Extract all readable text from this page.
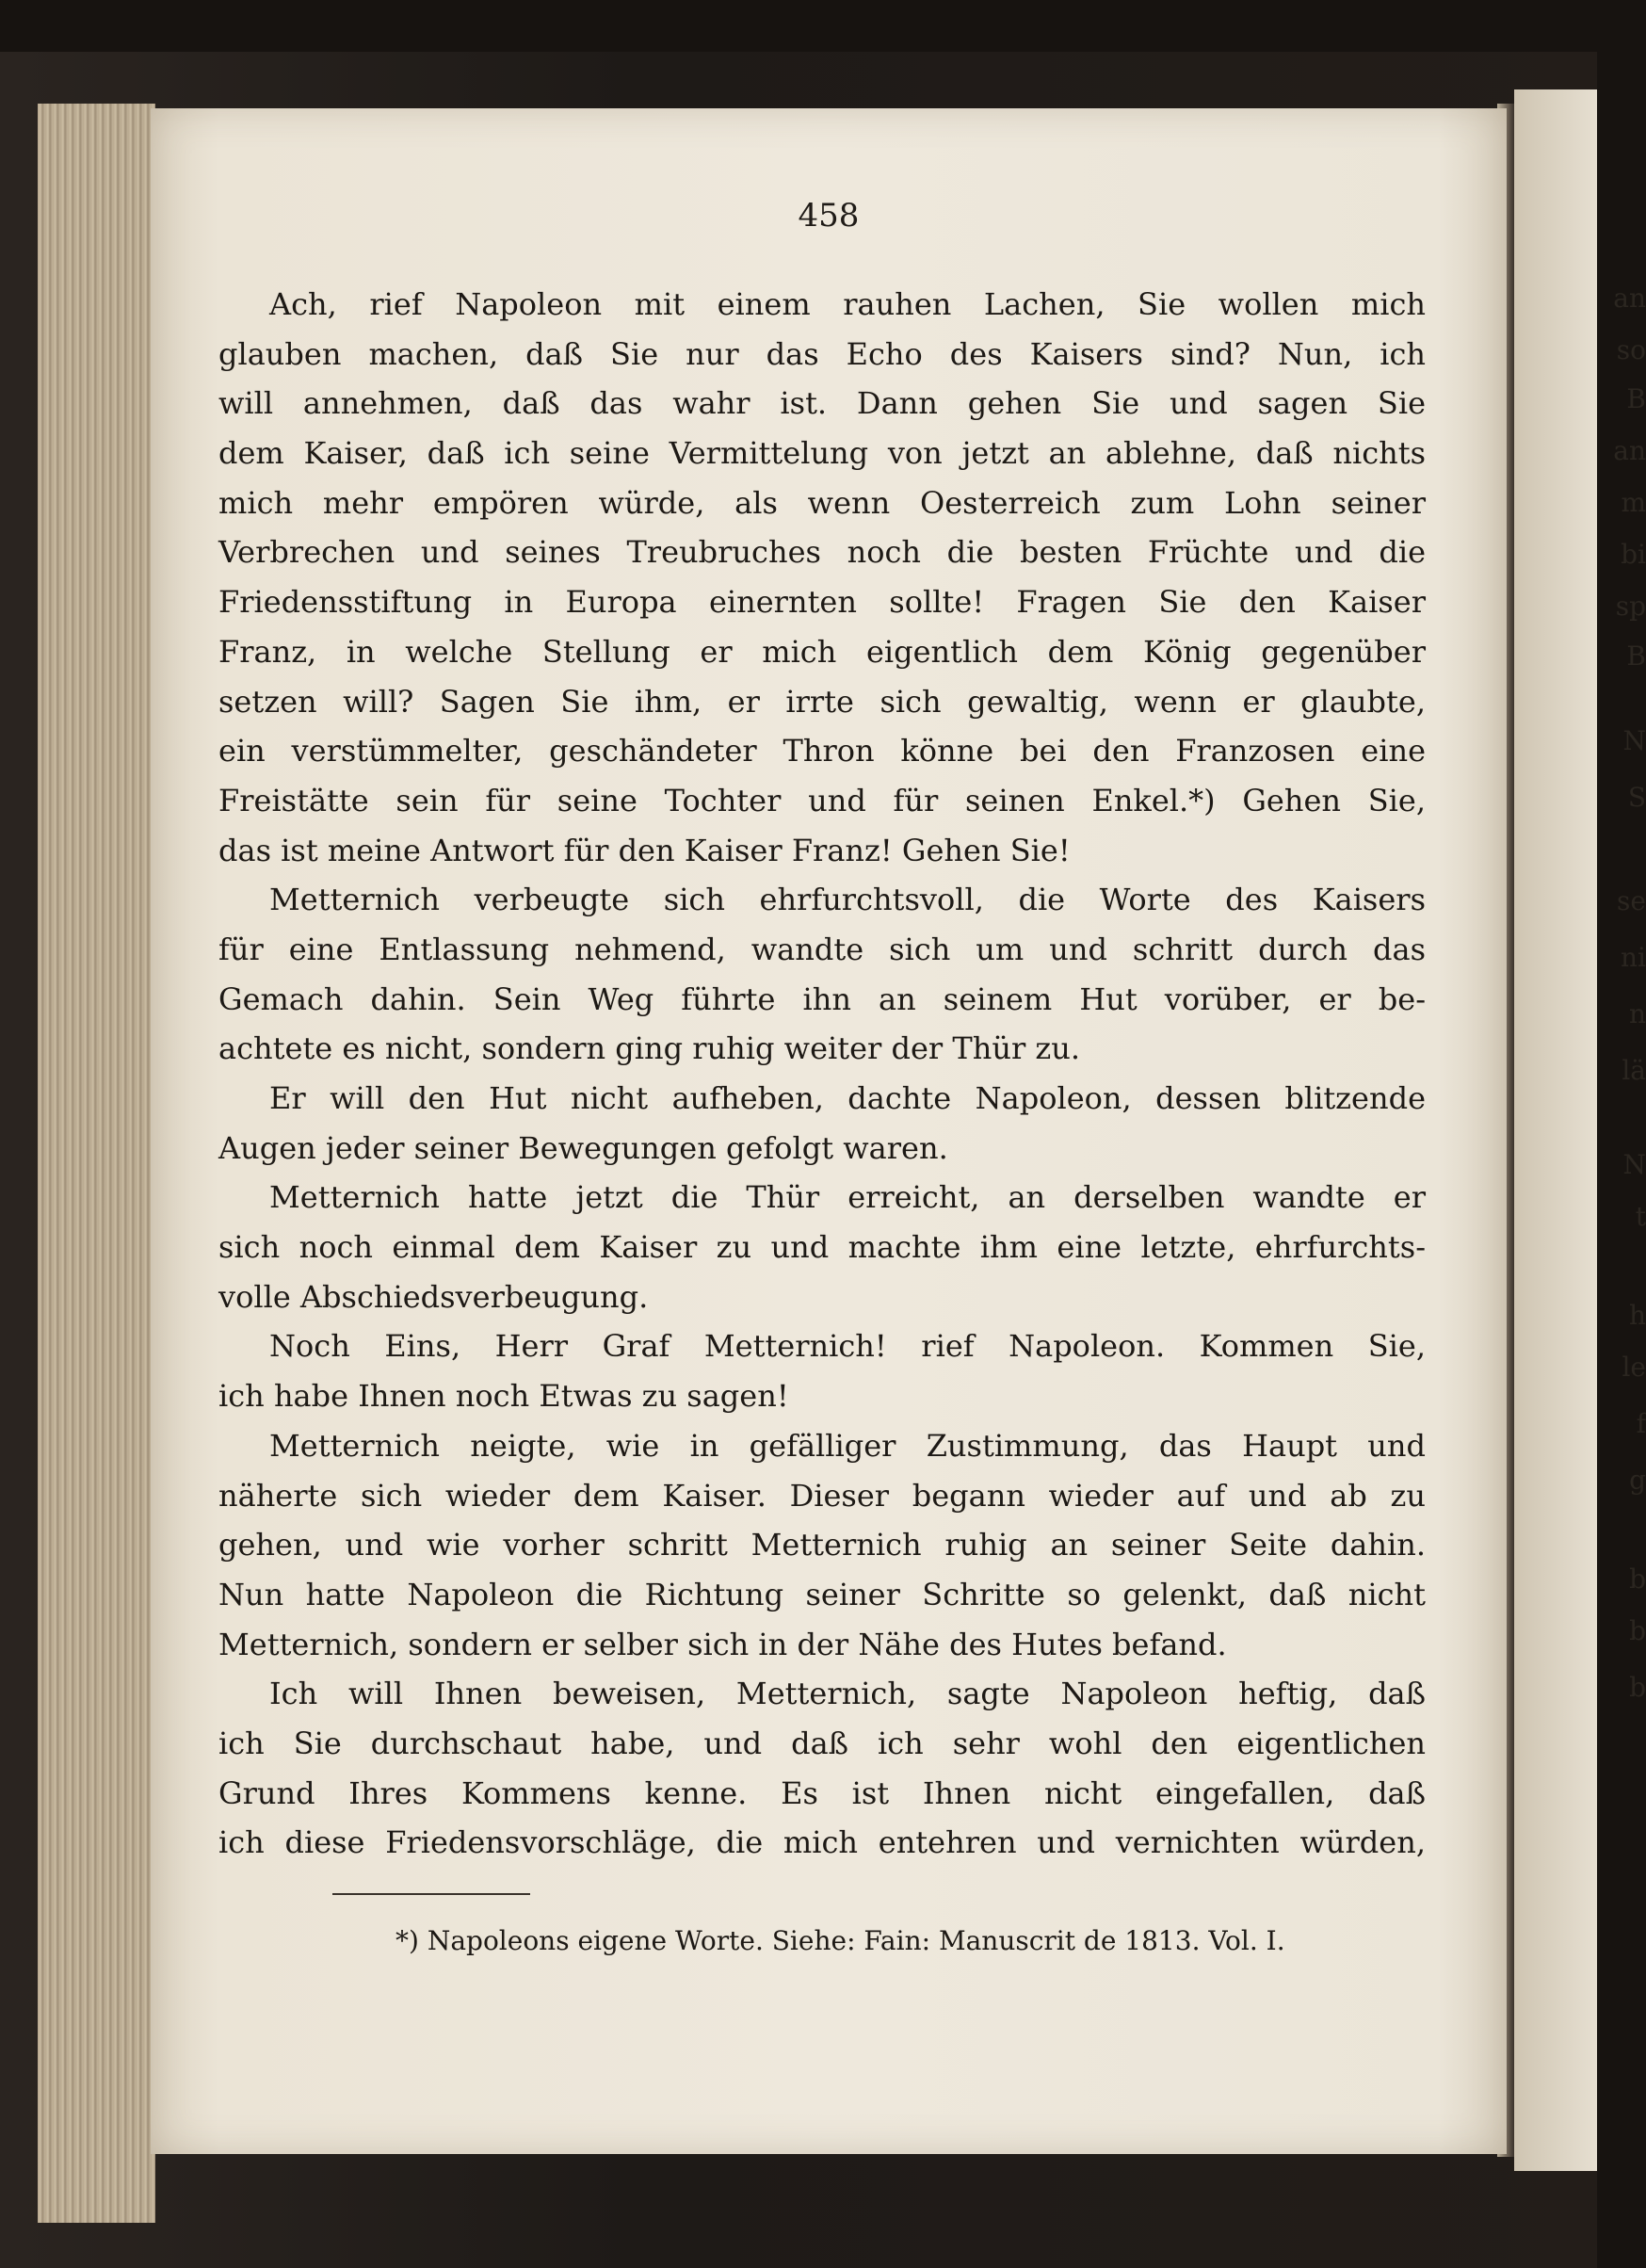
an
so
B
an
m
bi
sp
B
N
S
se
ni
n
lä
N
t
h
le
f
g
b
b
b
458
Ach, rief Napoleon mit einem rauhen Lachen, Sie wollen mich
glauben machen, daß Sie nur das Echo des Kaisers sind? Nun, ich
will annehmen, daß das wahr ist. Dann gehen Sie und sagen Sie
dem Kaiser, daß ich seine Vermittelung von jetzt an ablehne, daß nichts
mich mehr empören würde, als wenn Oesterreich zum Lohn seiner
Verbrechen und seines Treubruches noch die besten Früchte und die
Friedensstiftung in Europa einernten sollte! Fragen Sie den Kaiser
Franz, in welche Stellung er mich eigentlich dem König gegenüber
setzen will? Sagen Sie ihm, er irrte sich gewaltig, wenn er glaubte,
ein verstümmelter, geschändeter Thron könne bei den Franzosen eine
Freistätte sein für seine Tochter und für seinen Enkel.*) Gehen Sie,
das ist meine Antwort für den Kaiser Franz! Gehen Sie!
Metternich verbeugte sich ehrfurchtsvoll, die Worte des Kaisers
für eine Entlassung nehmend, wandte sich um und schritt durch das
Gemach dahin. Sein Weg führte ihn an seinem Hut vorüber, er be-
achtete es nicht, sondern ging ruhig weiter der Thür zu.
Er will den Hut nicht aufheben, dachte Napoleon, dessen blitzende
Augen jeder seiner Bewegungen gefolgt waren.
Metternich hatte jetzt die Thür erreicht, an derselben wandte er
sich noch einmal dem Kaiser zu und machte ihm eine letzte, ehrfurchts-
volle Abschiedsverbeugung.
Noch Eins, Herr Graf Metternich! rief Napoleon. Kommen Sie,
ich habe Ihnen noch Etwas zu sagen!
Metternich neigte, wie in gefälliger Zustimmung, das Haupt und
näherte sich wieder dem Kaiser. Dieser begann wieder auf und ab zu
gehen, und wie vorher schritt Metternich ruhig an seiner Seite dahin.
Nun hatte Napoleon die Richtung seiner Schritte so gelenkt, daß nicht
Metternich, sondern er selber sich in der Nähe des Hutes befand.
Ich will Ihnen beweisen, Metternich, sagte Napoleon heftig, daß
ich Sie durchschaut habe, und daß ich sehr wohl den eigentlichen
Grund Ihres Kommens kenne. Es ist Ihnen nicht eingefallen, daß
ich diese Friedensvorschläge, die mich entehren und vernichten würden,
*) Napoleons eigene Worte. Siehe: Fain: Manuscrit de 1813. Vol. I.
